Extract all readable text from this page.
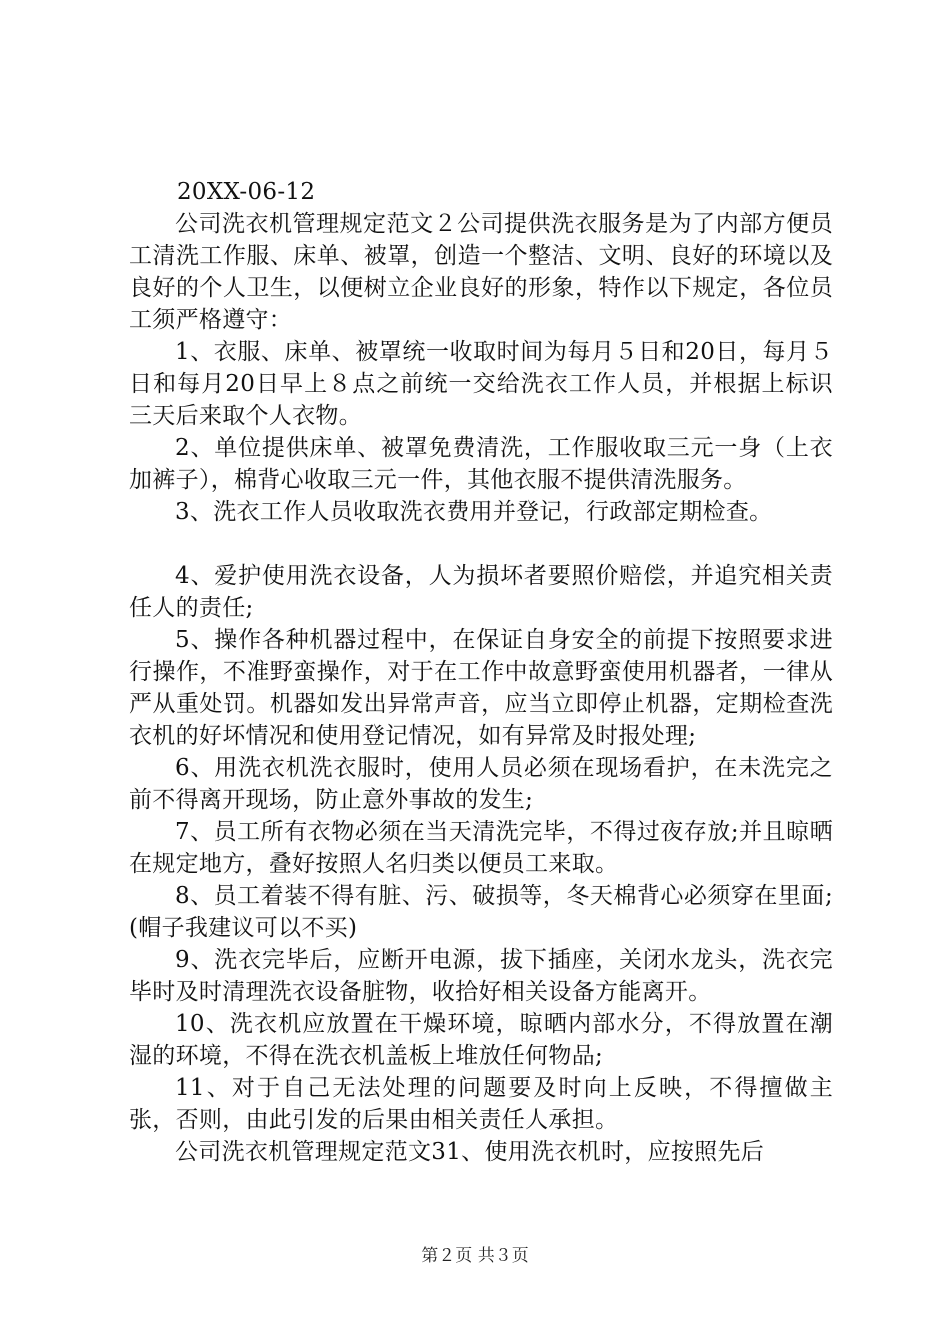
20XX-06-12

公司洗衣机管理规定范文２公司提供洗衣服务是为了内部方便员工清洗工作服、床单、被罩，创造一个整洁、文明、良好的环境以及良好的个人卫生，以便树立企业良好的形象，特作以下规定，各位员工须严格遵守：

1、衣服、床单、被罩统一收取时间为每月５日和20日，每月５日和每月20日早上８点之前统一交给洗衣工作人员，并根据上标识三天后来取个人衣物。

2、单位提供床单、被罩免费清洗，工作服收取三元一身（上衣加裤子），棉背心收取三元一件，其他衣服不提供清洗服务。

3、洗衣工作人员收取洗衣费用并登记，行政部定期检查。

4、爱护使用洗衣设备，人为损坏者要照价赔偿，并追究相关责任人的责任;

5、操作各种机器过程中，在保证自身安全的前提下按照要求进行操作，不准野蛮操作，对于在工作中故意野蛮使用机器者，一律从严从重处罚。机器如发出异常声音，应当立即停止机器，定期检查洗衣机的好坏情况和使用登记情况，如有异常及时报处理;

6、用洗衣机洗衣服时，使用人员必须在现场看护，在未洗完之前不得离开现场，防止意外事故的发生;

7、员工所有衣物必须在当天清洗完毕，不得过夜存放;并且晾晒在规定地方，叠好按照人名归类以便员工来取。

8、员工着装不得有脏、污、破损等，冬天棉背心必须穿在里面;(帽子我建议可以不买)

9、洗衣完毕后，应断开电源，拔下插座，关闭水龙头，洗衣完毕时及时清理洗衣设备脏物，收拾好相关设备方能离开。

10、洗衣机应放置在干燥环境，晾晒内部水分，不得放置在潮湿的环境，不得在洗衣机盖板上堆放任何物品;

11、对于自己无法处理的问题要及时向上反映，不得擅做主张，否则，由此引发的后果由相关责任人承担。

公司洗衣机管理规定范文31、使用洗衣机时，应按照先后

第２页 共３页
